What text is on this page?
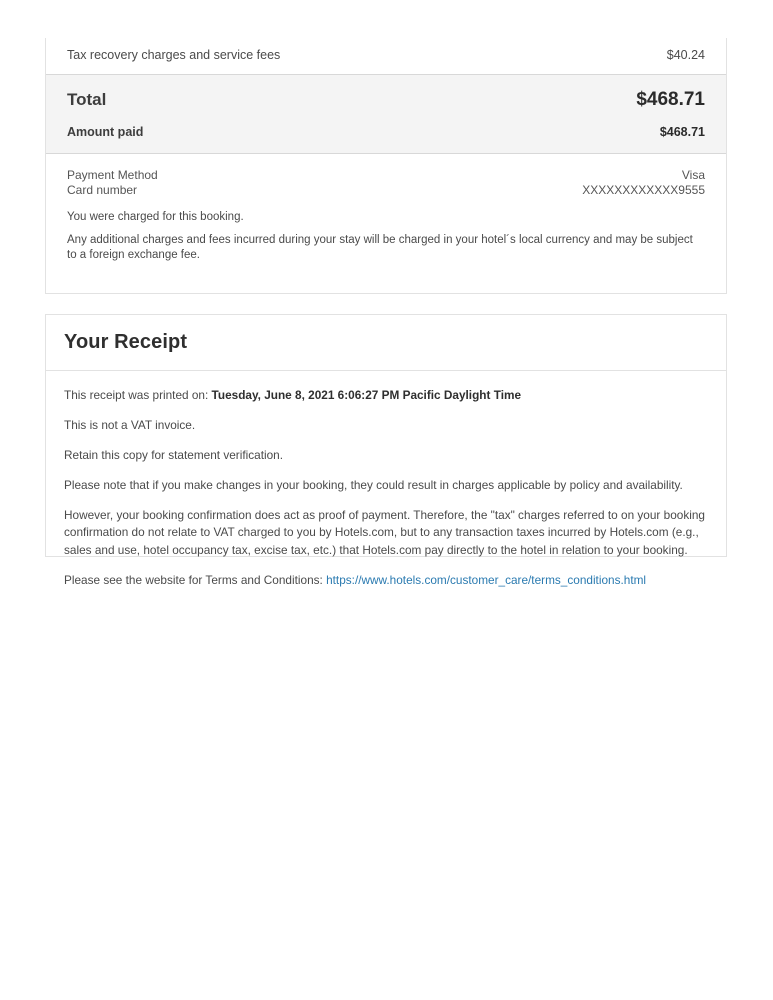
Tax recovery charges and service fees	$40.24
Total	$468.71
Amount paid	$468.71
Payment Method	Visa
Card number	XXXXXXXXXXXX9555

You were charged for this booking.

Any additional charges and fees incurred during your stay will be charged in your hotel´s local currency and may be subject to a foreign exchange fee.

Your Receipt

This receipt was printed on: Tuesday, June 8, 2021 6:06:27 PM Pacific Daylight Time

This is not a VAT invoice.

Retain this copy for statement verification.

Please note that if you make changes in your booking, they could result in charges applicable by policy and availability.

However, your booking confirmation does act as proof of payment. Therefore, the "tax" charges referred to on your booking confirmation do not relate to VAT charged to you by Hotels.com, but to any transaction taxes incurred by Hotels.com (e.g., sales and use, hotel occupancy tax, excise tax, etc.) that Hotels.com pay directly to the hotel in relation to your booking.

Please see the website for Terms and Conditions: https://www.hotels.com/customer_care/terms_conditions.html
